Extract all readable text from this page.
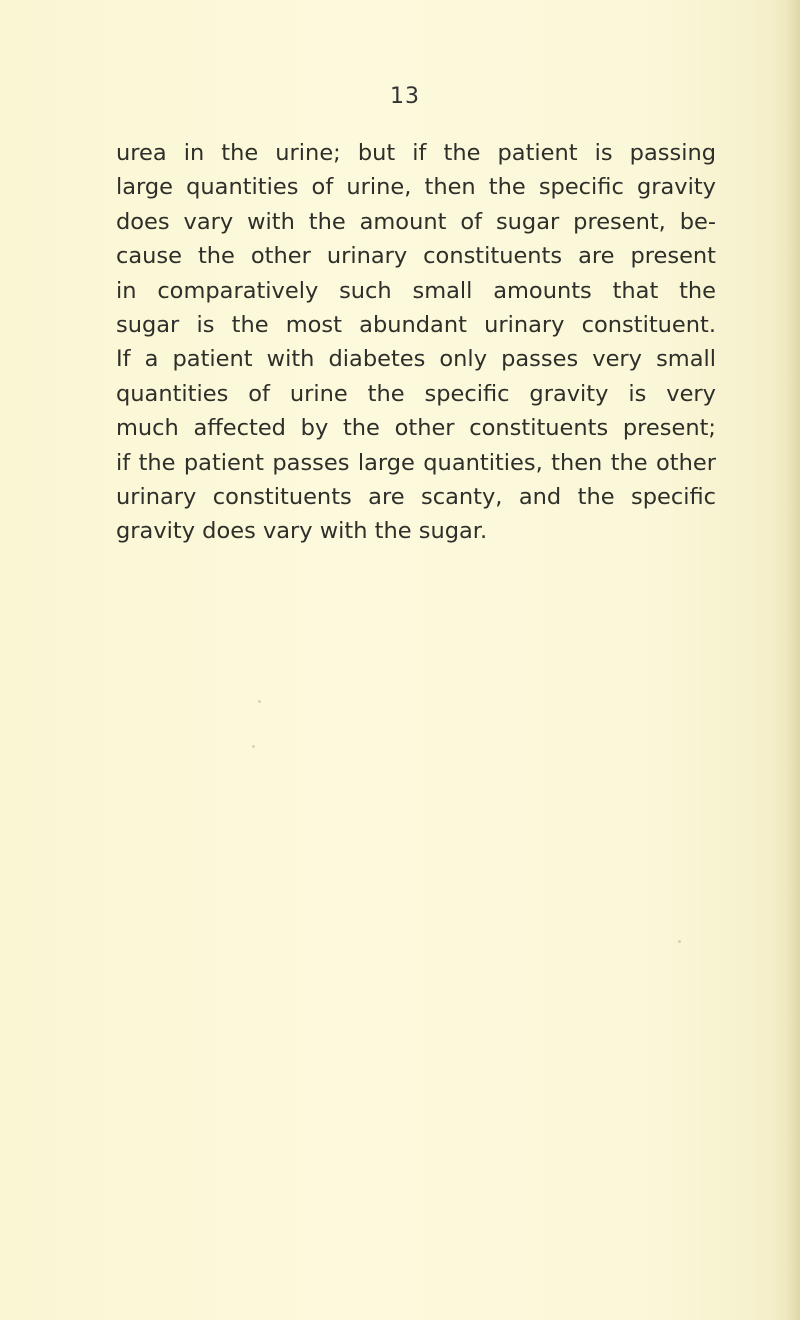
13
urea in the urine; but if the patient is passing
large quantities of urine, then the specific gravity
does vary with the amount of sugar present, be-
cause the other urinary constituents are present
in comparatively such small amounts that the
sugar is the most abundant urinary constituent.
If a patient with diabetes only passes very small
quantities of urine the specific gravity is very
much affected by the other constituents present;
if the patient passes large quantities, then the other
urinary constituents are scanty, and the specific
gravity does vary with the sugar.
